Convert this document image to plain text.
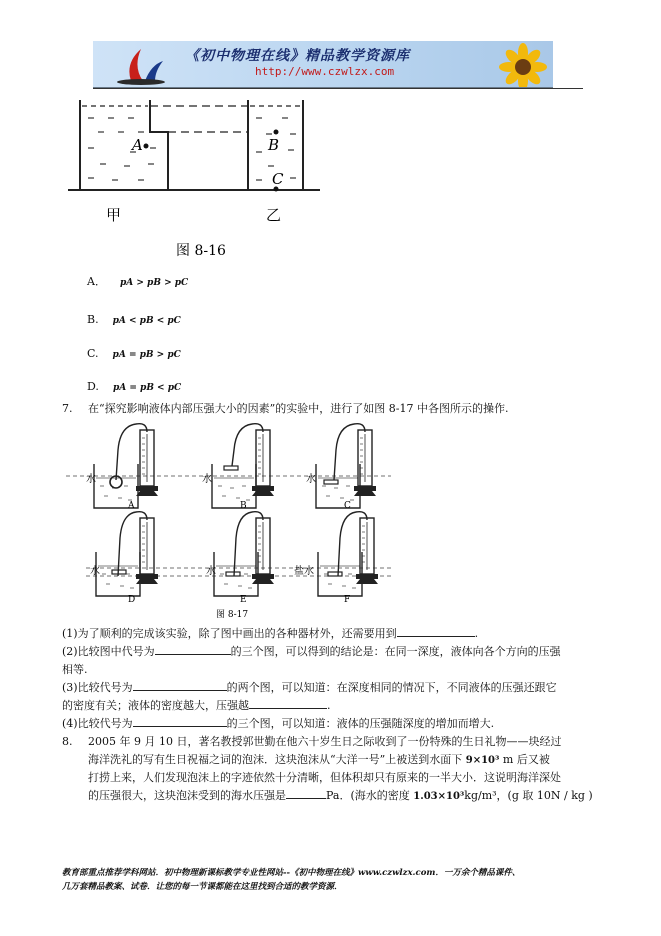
《初中物理在线》精品教学资源库
http://www.czwlzx.com
A	B
C
甲	乙
图 8-16
A． pA > pB > pC
B. pA < pB < pC
C. pA = pB > pC
D. pA = pB < pC
7. 在“探究影响液体内部压强大小的因素”的实验中，进行了如图 8-17 中各图所示的操作.
水	水	水
水	水	盐水
A	B	C
D	E	F
图 8-17
(1)为了顺利的完成该实验，除了图中画出的各种器材外，还需要用到	.
(2)比较图中代号为	的三个图，可以得到的结论是：在同一深度，液体向各个方向的压强
相等.
(3)比较代号为	的两个图，可以知道：在深度相同的情况下，不同液体的压强还跟它
的密度有关；液体的密度越大，压强越	.
(4)比较代号为	的三个图，可以知道：液体的压强随深度的增加而增大.
8. 2005 年 9 月 10 日，著名教授郭世勤在他六十岁生日之际收到了一份特殊的生日礼物——块经过
海洋洗礼的写有生日祝福之词的泡沫．这块泡沫从“大洋一号”上被送到水面下 9×10³ m 后又被
打捞上来，人们发现泡沫上的字迹依然十分清晰，但体积却只有原来的一半大小．这说明海洋深处
的压强很大，这块泡沫受到的海水压强是	Pa．(海水的密度 1.03×10³kg/m³，(g 取 10N / kg )
教育部重点推荐学科网站．初中物理新课标教学专业性网站--《初中物理在线》www.czwlzx.com．一万余个精品课件、
几万套精品教案、试卷．让您的每一节课都能在这里找到合适的教学资源．
